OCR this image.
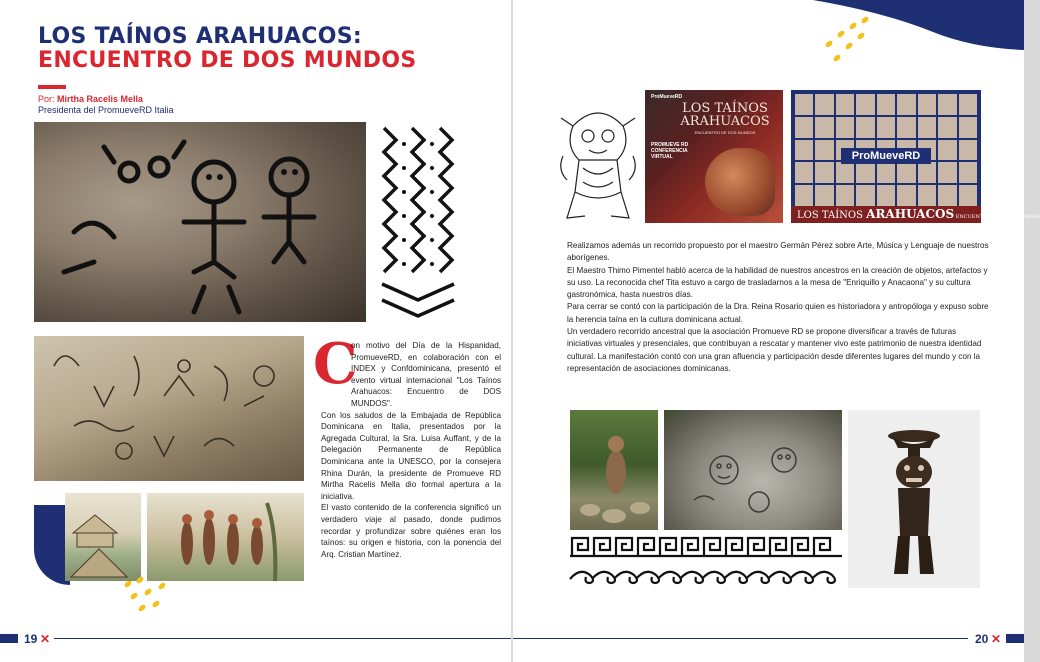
LOS TAÍNOS ARAHUACOS:
ENCUENTRO DE DOS MUNDOS
Por: Mirtha Racelis Mella
Presidenta del PromueveRD Italia
C

on motivo del Día de la Hispanidad, PromueveRD, en colaboración con el INDEX y Confdominicana, presentó el evento virtual internacional "Los Taínos Arahuacos: Encuentro de DOS MUNDOS".

Con los saludos de la Embajada de República Dominicana en Italia, presentados por la Agregada Cultural, la Sra. Luisa Auffant, y de la Delegación Permanente de República Dominicana ante la UNESCO, por la consejera Rhina Durán, la presidente de Promueve RD Mirtha Racelis Mella dio formal apertura a la iniciativa.

El vasto contenido de la conferencia significó un verdadero viaje al pasado, donde pudimos recordar y profundizar sobre quiénes eran los taínos: su origen e historia, con la ponencia del Arq. Cristian Martínez.

19 ✕
ProMueveRD
LOS TAÍNOS
ARAHUACOS
ENCUENTRO DE DOS MUNDOS
PROMUEVE RD
CONFERENCIA
VIRTUAL	ProMueveRD
LOS TAÍNOS ARAHUACOS ENCUENTRO DE DOS MUNDOS

Realizamos además un recorrido propuesto por el maestro Germán Pérez sobre Arte, Música y Lenguaje de nuestros aborígenes.

El Maestro Thimo Pimentel habló acerca de la habilidad de nuestros ancestros en la creación de objetos, artefactos y su uso. La reconocida chef Tita estuvo a cargo de trasladarnos a la mesa de "Enriquillo y Anacaona" y su cultura gastronómica, hasta nuestros días.

Para cerrar se contó con la participación de la Dra. Reina Rosario quien es historiadora y antropóloga y expuso sobre la herencia taína en la cultura dominicana actual.

Un verdadero recorrido ancestral que la asociación Promueve RD se propone diversificar a través de futuras iniciativas virtuales y presenciales, que contribuyan a rescatar y mantener vivo este patrimonio de nuestra identidad cultural. La manifestación contó con una gran afluencia y participación desde diferentes lugares del mundo y con la representación de asociaciones dominicanas.

20 ✕
